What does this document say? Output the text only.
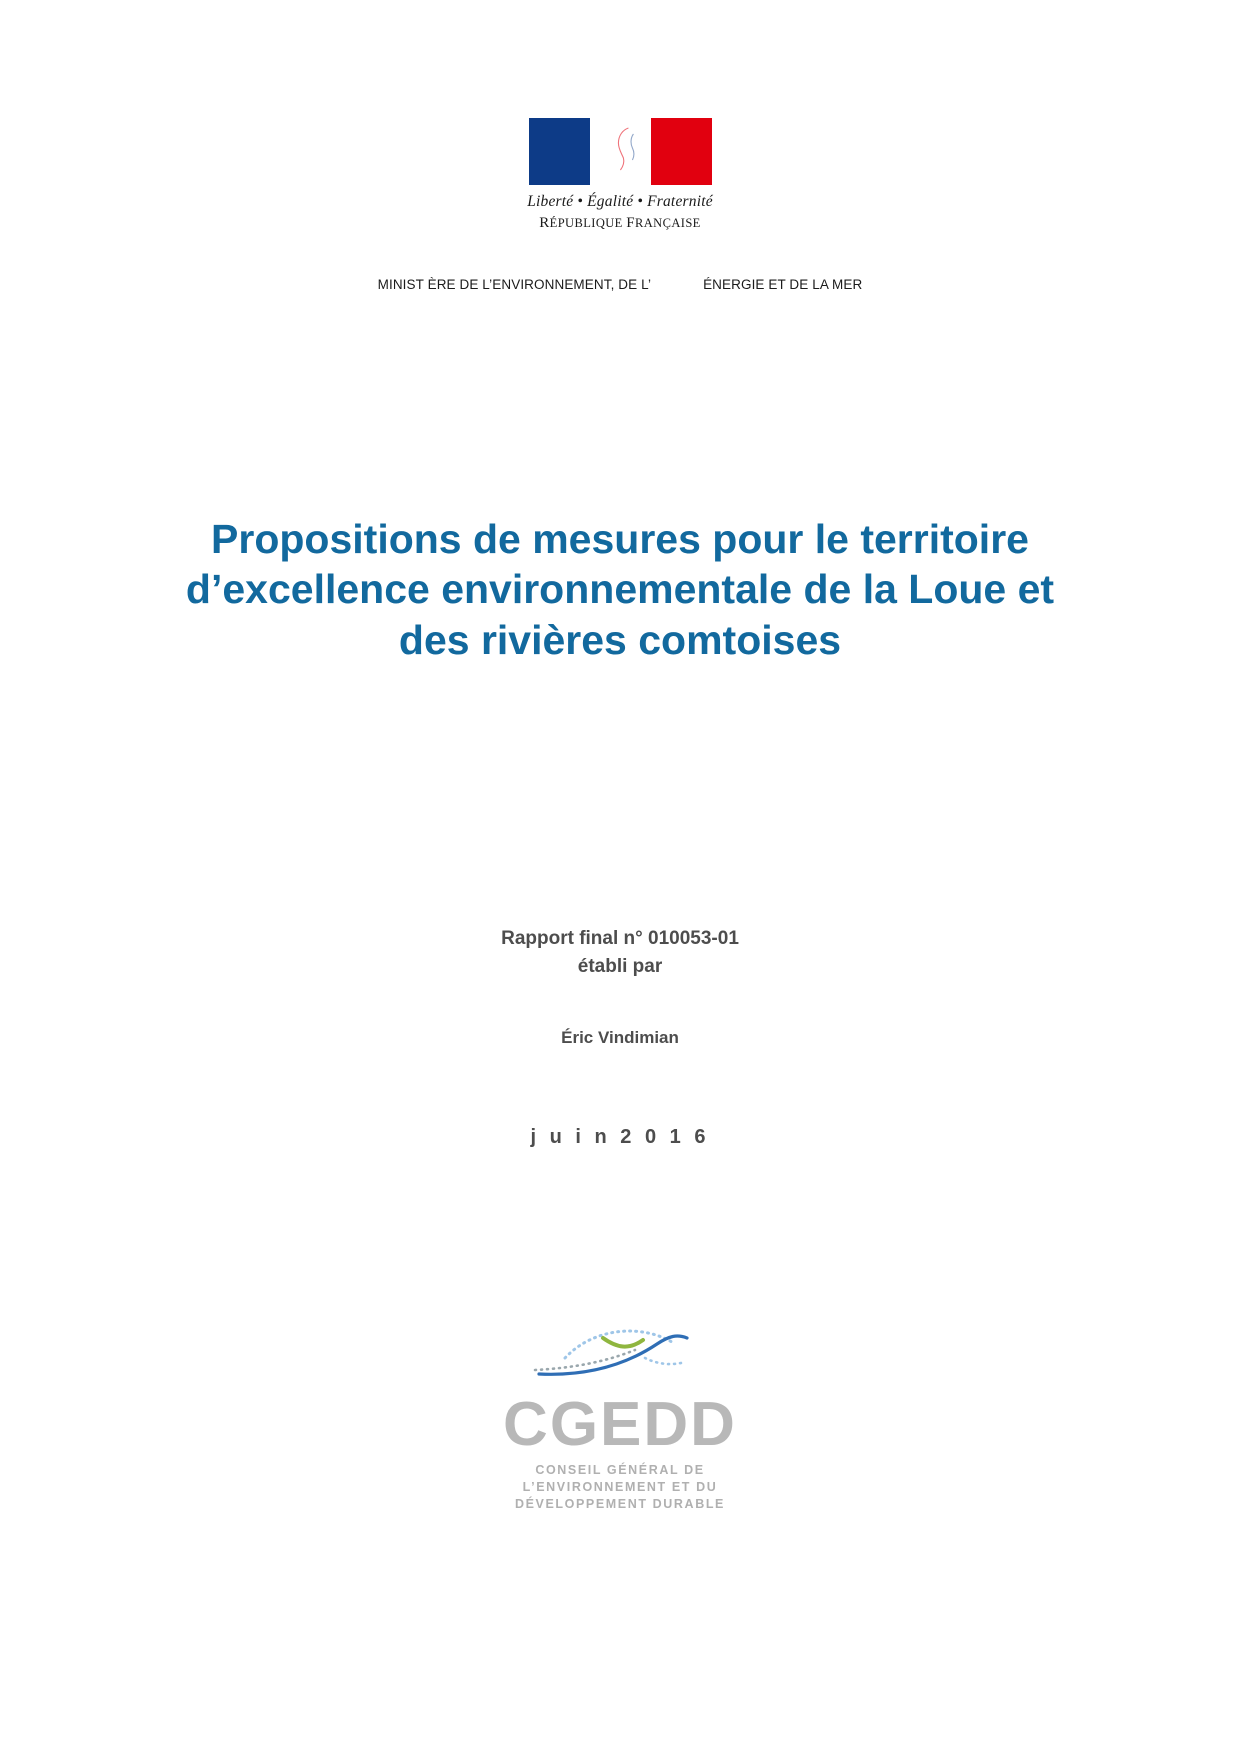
Liberté • Égalité • Fraternité
RÉPUBLIQUE FRANÇAISE
MINIST ÈRE DE L’ENVIRONNEMENT, DE L’	ÉNERGIE ET DE LA MER
Propositions de mesures pour le territoire d’excellence environnementale de la Loue et des rivières comtoises
Rapport final n° 010053-01
établi par
Éric Vindimian
j u i n 2 0 1 6
CGEDD
CONSEIL GÉNÉRAL DE
L’ENVIRONNEMENT ET DU
DÉVELOPPEMENT DURABLE
